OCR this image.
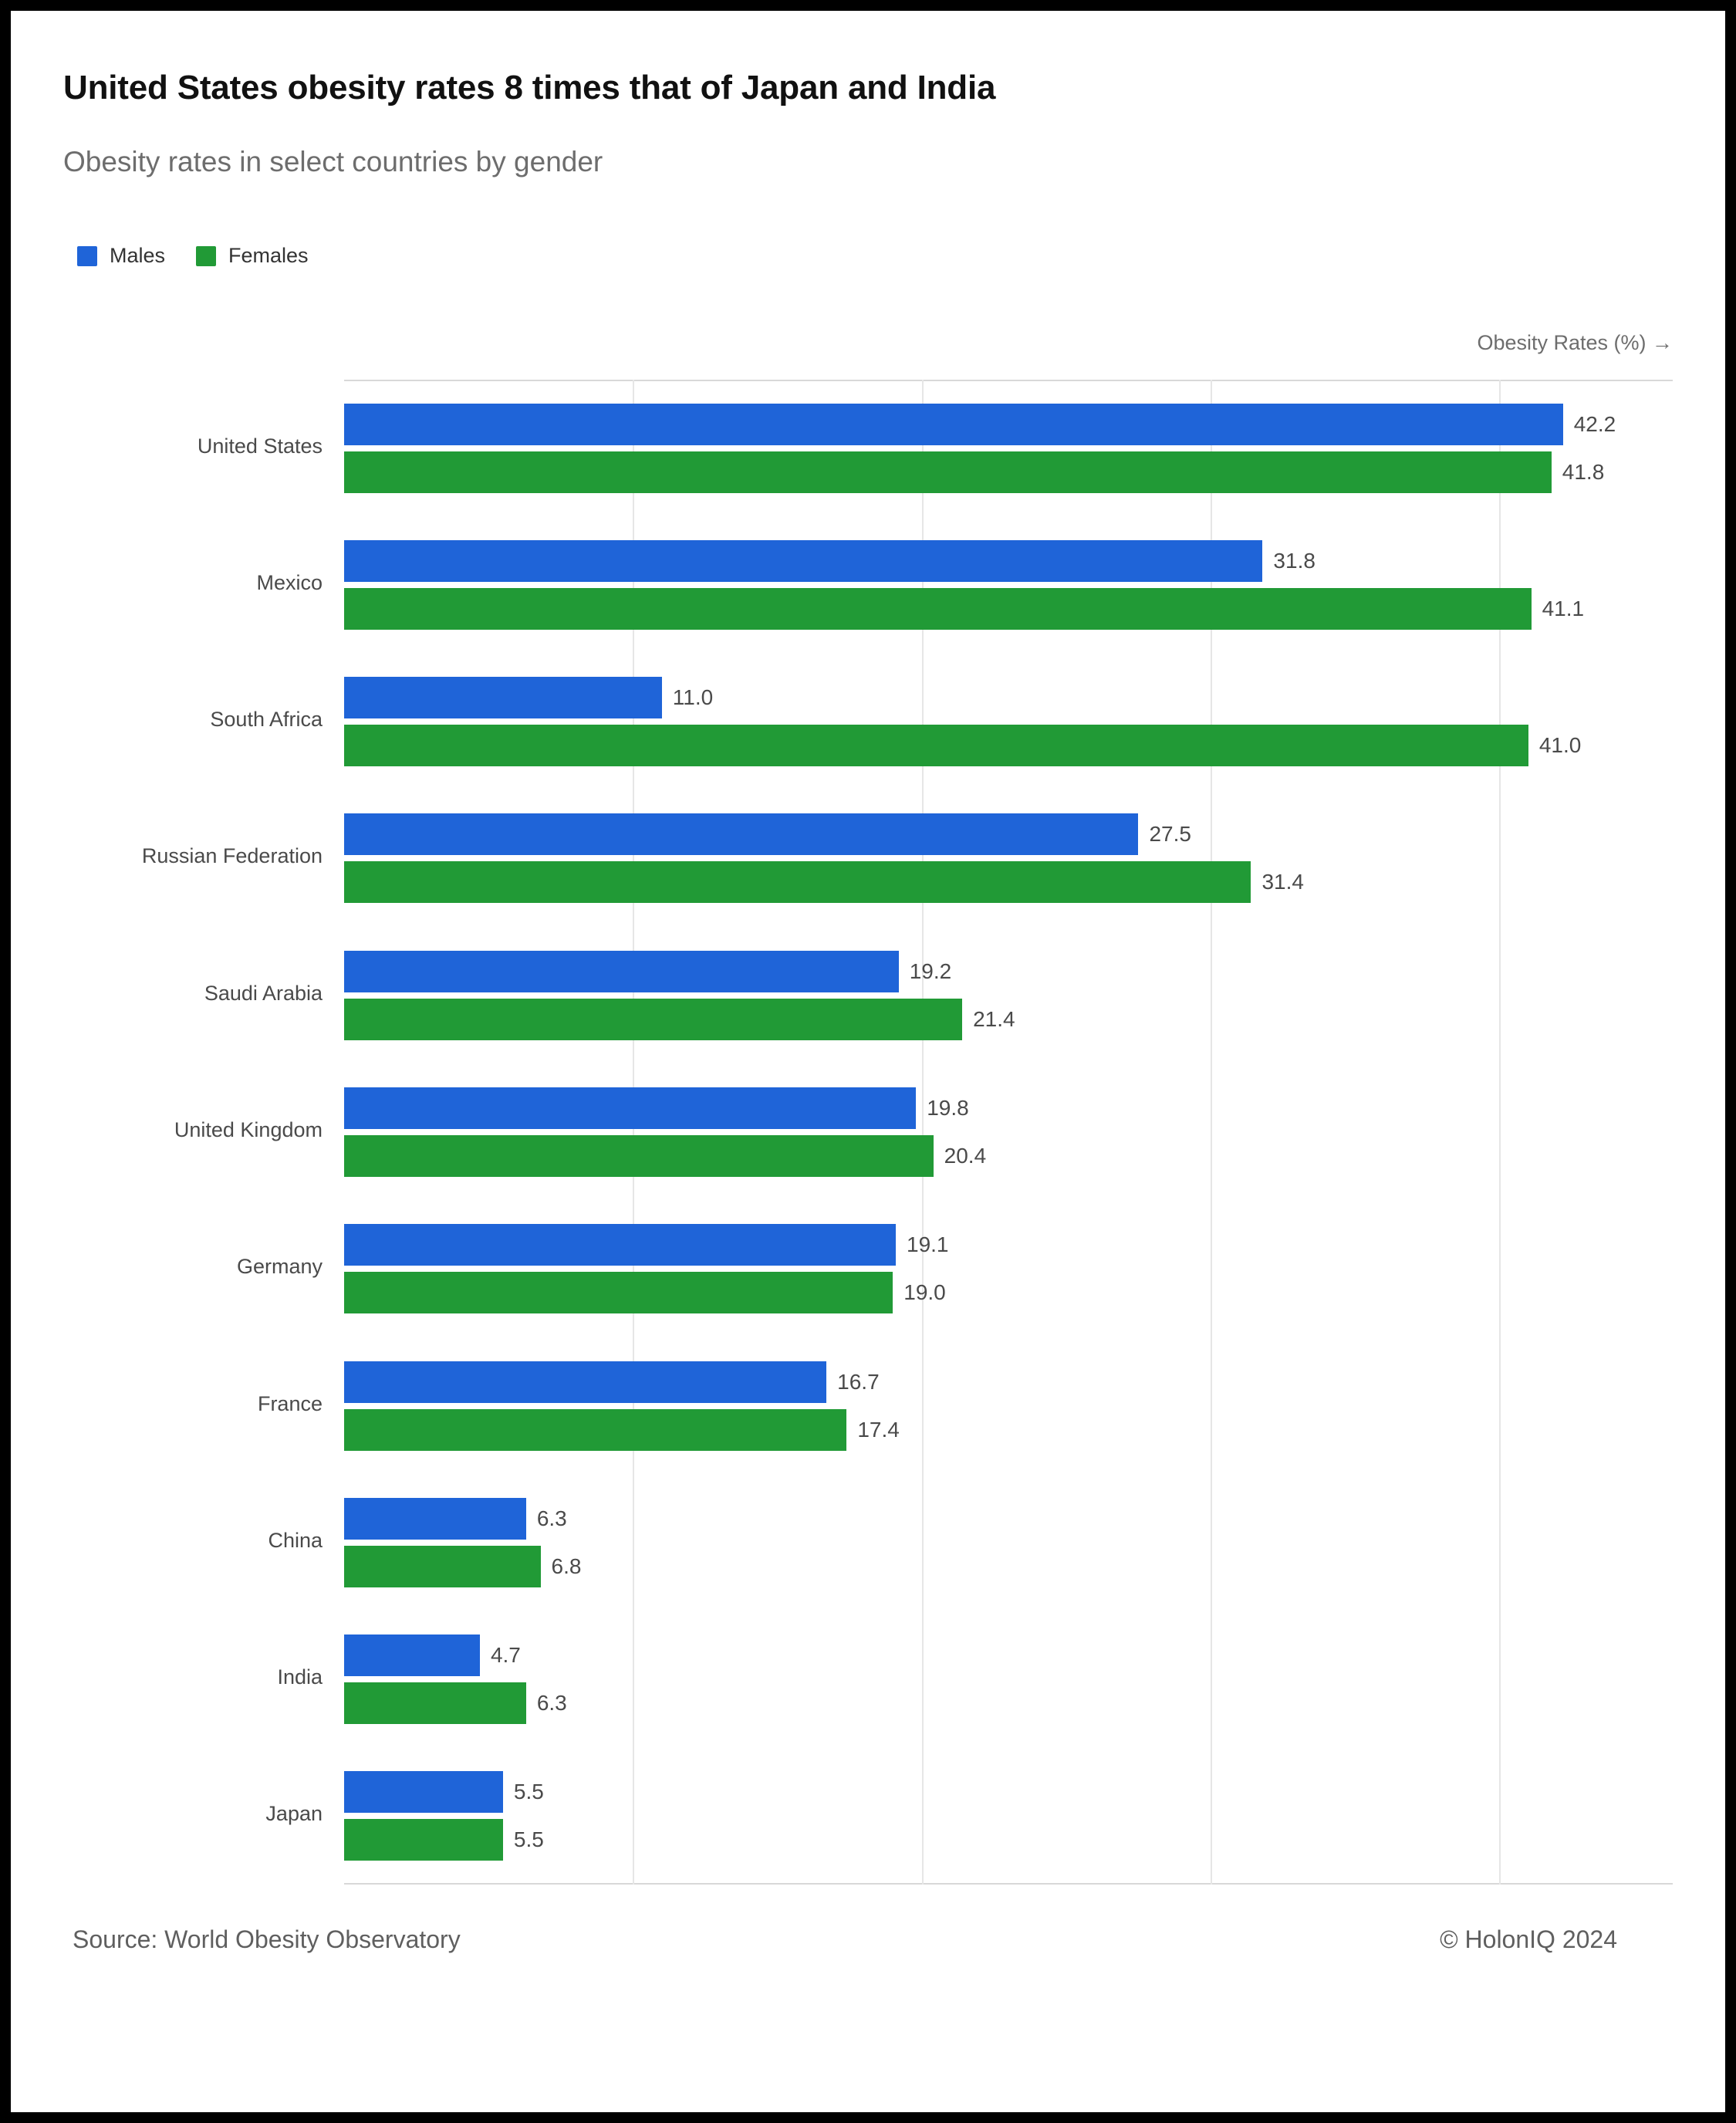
United States obesity rates 8 times that of Japan and India
Obesity rates in select countries by gender
Males	Females
Obesity Rates (%) →
United States
42.2
41.8
Mexico
31.8
41.1
South Africa
11.0
41.0
Russian Federation
27.5
31.4
Saudi Arabia
19.2
21.4
United Kingdom
19.8
20.4
Germany
19.1
19.0
France
16.7
17.4
China
6.3
6.8
India
4.7
6.3
Japan
5.5
5.5
Source: World Obesity Observatory	© HolonIQ 2024
